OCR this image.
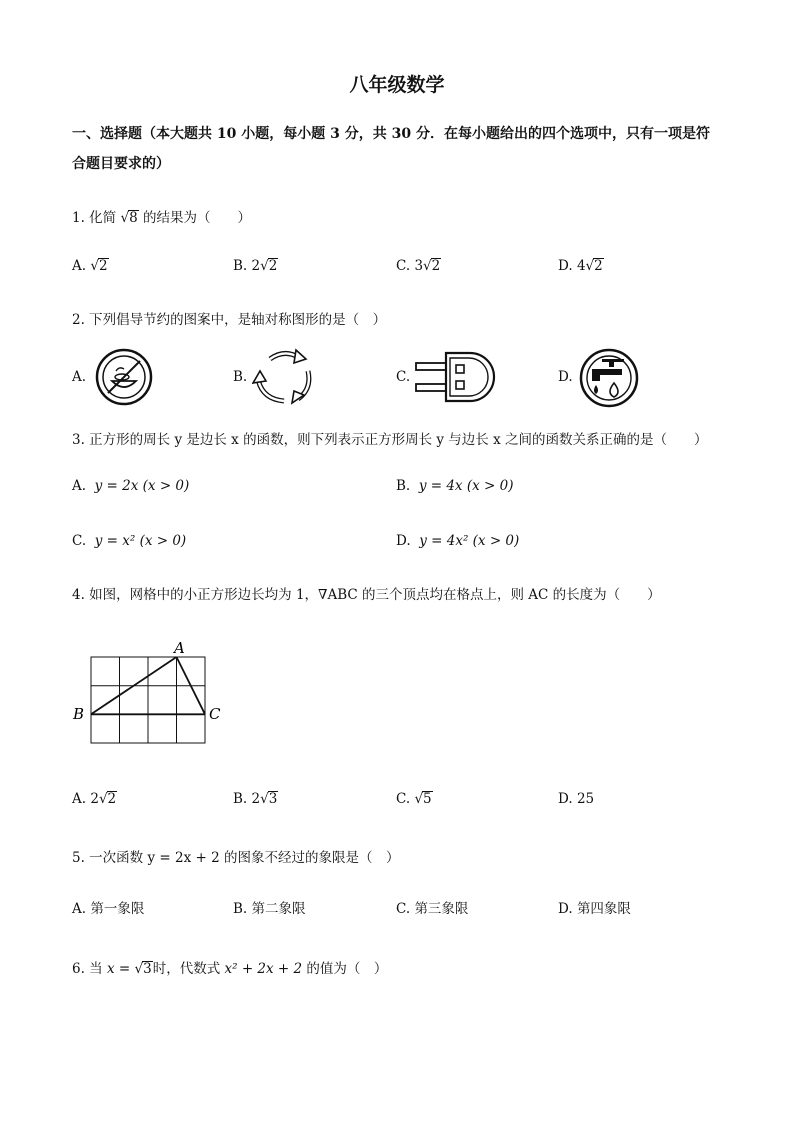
八年级数学
一、选择题（本大题共 10 小题，每小题 3 分，共 30 分．在每小题给出的四个选项中，只有一项是符合题目要求的）
1. 化简 √8 的结果为（　　）
A. √2	B. 2√2	C. 3√2	D. 4√2
2. 下列倡导节约的图案中，是轴对称图形的是（　）
A.	B.	C.	D.
3. 正方形的周长 y 是边长 x 的函数，则下列表示正方形周长 y 与边长 x 之间的函数关系正确的是（　　）
A. y = 2x (x > 0)	B. y = 4x (x > 0)
C. y = x² (x > 0)	D. y = 4x² (x > 0)
4. 如图，网格中的小正方形边长均为 1，∇ABC 的三个顶点均在格点上，则 AC 的长度为（　　）
A
B	C
A. 2√2	B. 2√3	C. √5	D. 25
5. 一次函数 y = 2x + 2 的图象不经过的象限是（　）
A. 第一象限	B. 第二象限	C. 第三象限	D. 第四象限
6. 当 x = √3时，代数式 x² + 2x + 2 的值为（　）
